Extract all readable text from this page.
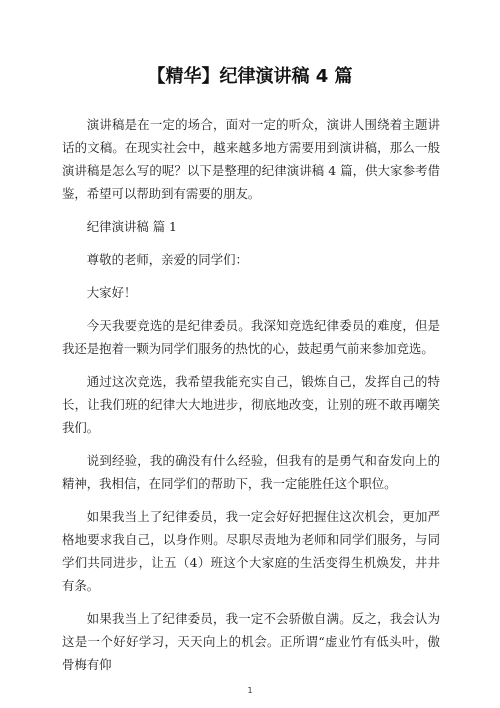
【精华】纪律演讲稿 4 篇

演讲稿是在一定的场合，面对一定的听众，演讲人围绕着主题讲话的文稿。在现实社会中，越来越多地方需要用到演讲稿，那么一般演讲稿是怎么写的呢？以下是整理的纪律演讲稿 4 篇，供大家参考借鉴，希望可以帮助到有需要的朋友。

纪律演讲稿 篇 1

尊敬的老师，亲爱的同学们：

大家好！

今天我要竞选的是纪律委员。我深知竞选纪律委员的难度，但是我还是抱着一颗为同学们服务的热忱的心，鼓起勇气前来参加竞选。

通过这次竞选，我希望我能充实自己，锻炼自己，发挥自己的特长，让我们班的纪律大大地进步，彻底地改变，让别的班不敢再嘲笑我们。

说到经验，我的确没有什么经验，但我有的是勇气和奋发向上的精神，我相信，在同学们的帮助下，我一定能胜任这个职位。

如果我当上了纪律委员，我一定会好好把握住这次机会，更加严格地要求我自己，以身作则。尽职尽责地为老师和同学们服务，与同学们共同进步，让五（4）班这个大家庭的生活变得生机焕发，井井有条。

如果我当上了纪律委员，我一定不会骄傲自满。反之，我会认为这是一个好好学习，天天向上的机会。正所谓“虚业竹有低头叶，傲骨梅有仰

1
